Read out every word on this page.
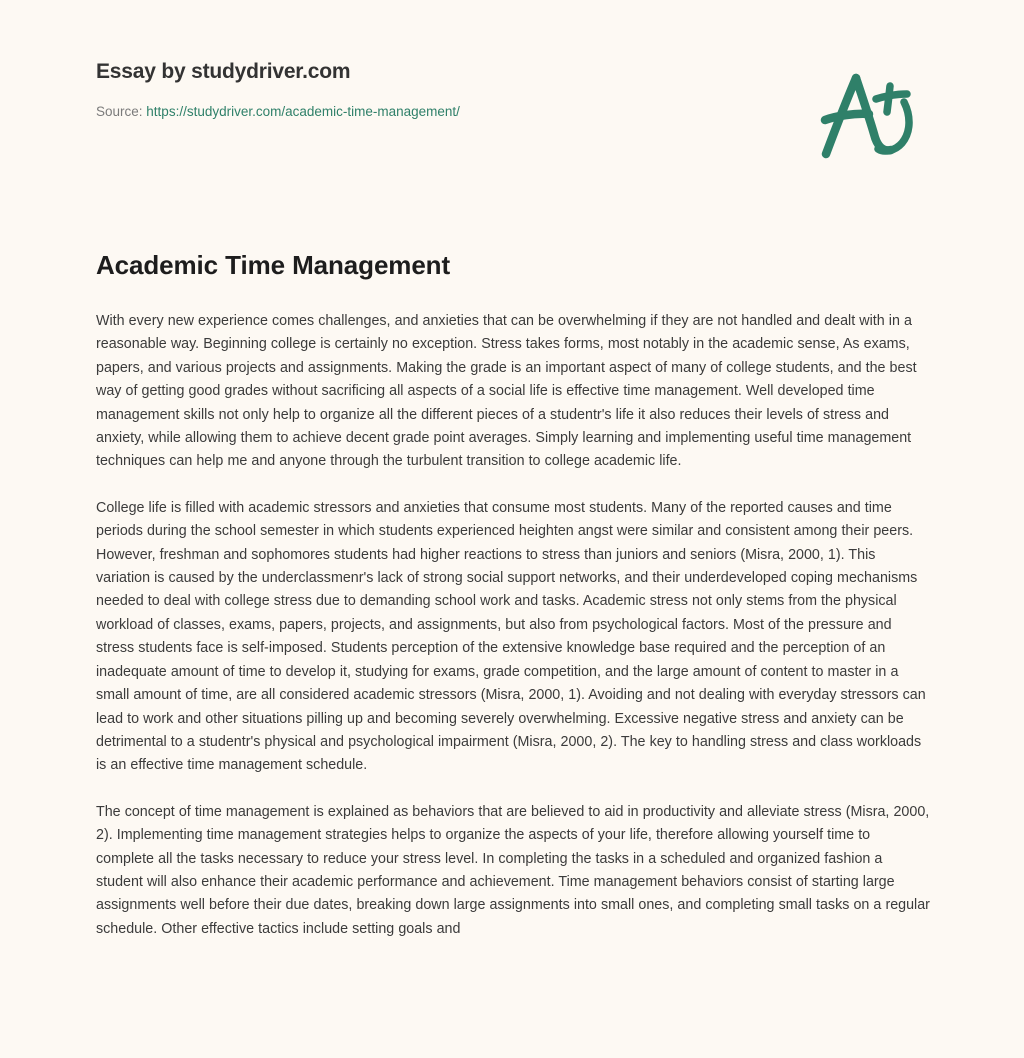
Essay by studydriver.com
Source: https://studydriver.com/academic-time-management/
Academic Time Management

With every new experience comes challenges, and anxieties that can be overwhelming if they are not handled and dealt with in a reasonable way. Beginning college is certainly no exception. Stress takes forms, most notably in the academic sense, As exams, papers, and various projects and assignments. Making the grade is an important aspect of many of college students, and the best way of getting good grades without sacrificing all aspects of a social life is effective time management. Well developed time management skills not only help to organize all the different pieces of a studentr's life it also reduces their levels of stress and anxiety, while allowing them to achieve decent grade point averages. Simply learning and implementing useful time management techniques can help me and anyone through the turbulent transition to college academic life.

College life is filled with academic stressors and anxieties that consume most students. Many of the reported causes and time periods during the school semester in which students experienced heighten angst were similar and consistent among their peers. However, freshman and sophomores students had higher reactions to stress than juniors and seniors (Misra, 2000, 1). This variation is caused by the underclassmenr's lack of strong social support networks, and their underdeveloped coping mechanisms needed to deal with college stress due to demanding school work and tasks. Academic stress not only stems from the physical workload of classes, exams, papers, projects, and assignments, but also from psychological factors. Most of the pressure and stress students face is self-imposed. Students perception of the extensive knowledge base required and the perception of an inadequate amount of time to develop it, studying for exams, grade competition, and the large amount of content to master in a small amount of time, are all considered academic stressors (Misra, 2000, 1). Avoiding and not dealing with everyday stressors can lead to work and other situations pilling up and becoming severely overwhelming. Excessive negative stress and anxiety can be detrimental to a studentr's physical and psychological impairment (Misra, 2000, 2). The key to handling stress and class workloads is an effective time management schedule.

The concept of time management is explained as behaviors that are believed to aid in productivity and alleviate stress (Misra, 2000, 2). Implementing time management strategies helps to organize the aspects of your life, therefore allowing yourself time to complete all the tasks necessary to reduce your stress level. In completing the tasks in a scheduled and organized fashion a student will also enhance their academic performance and achievement. Time management behaviors consist of starting large assignments well before their due dates, breaking down large assignments into small ones, and completing small tasks on a regular schedule. Other effective tactics include setting goals and
